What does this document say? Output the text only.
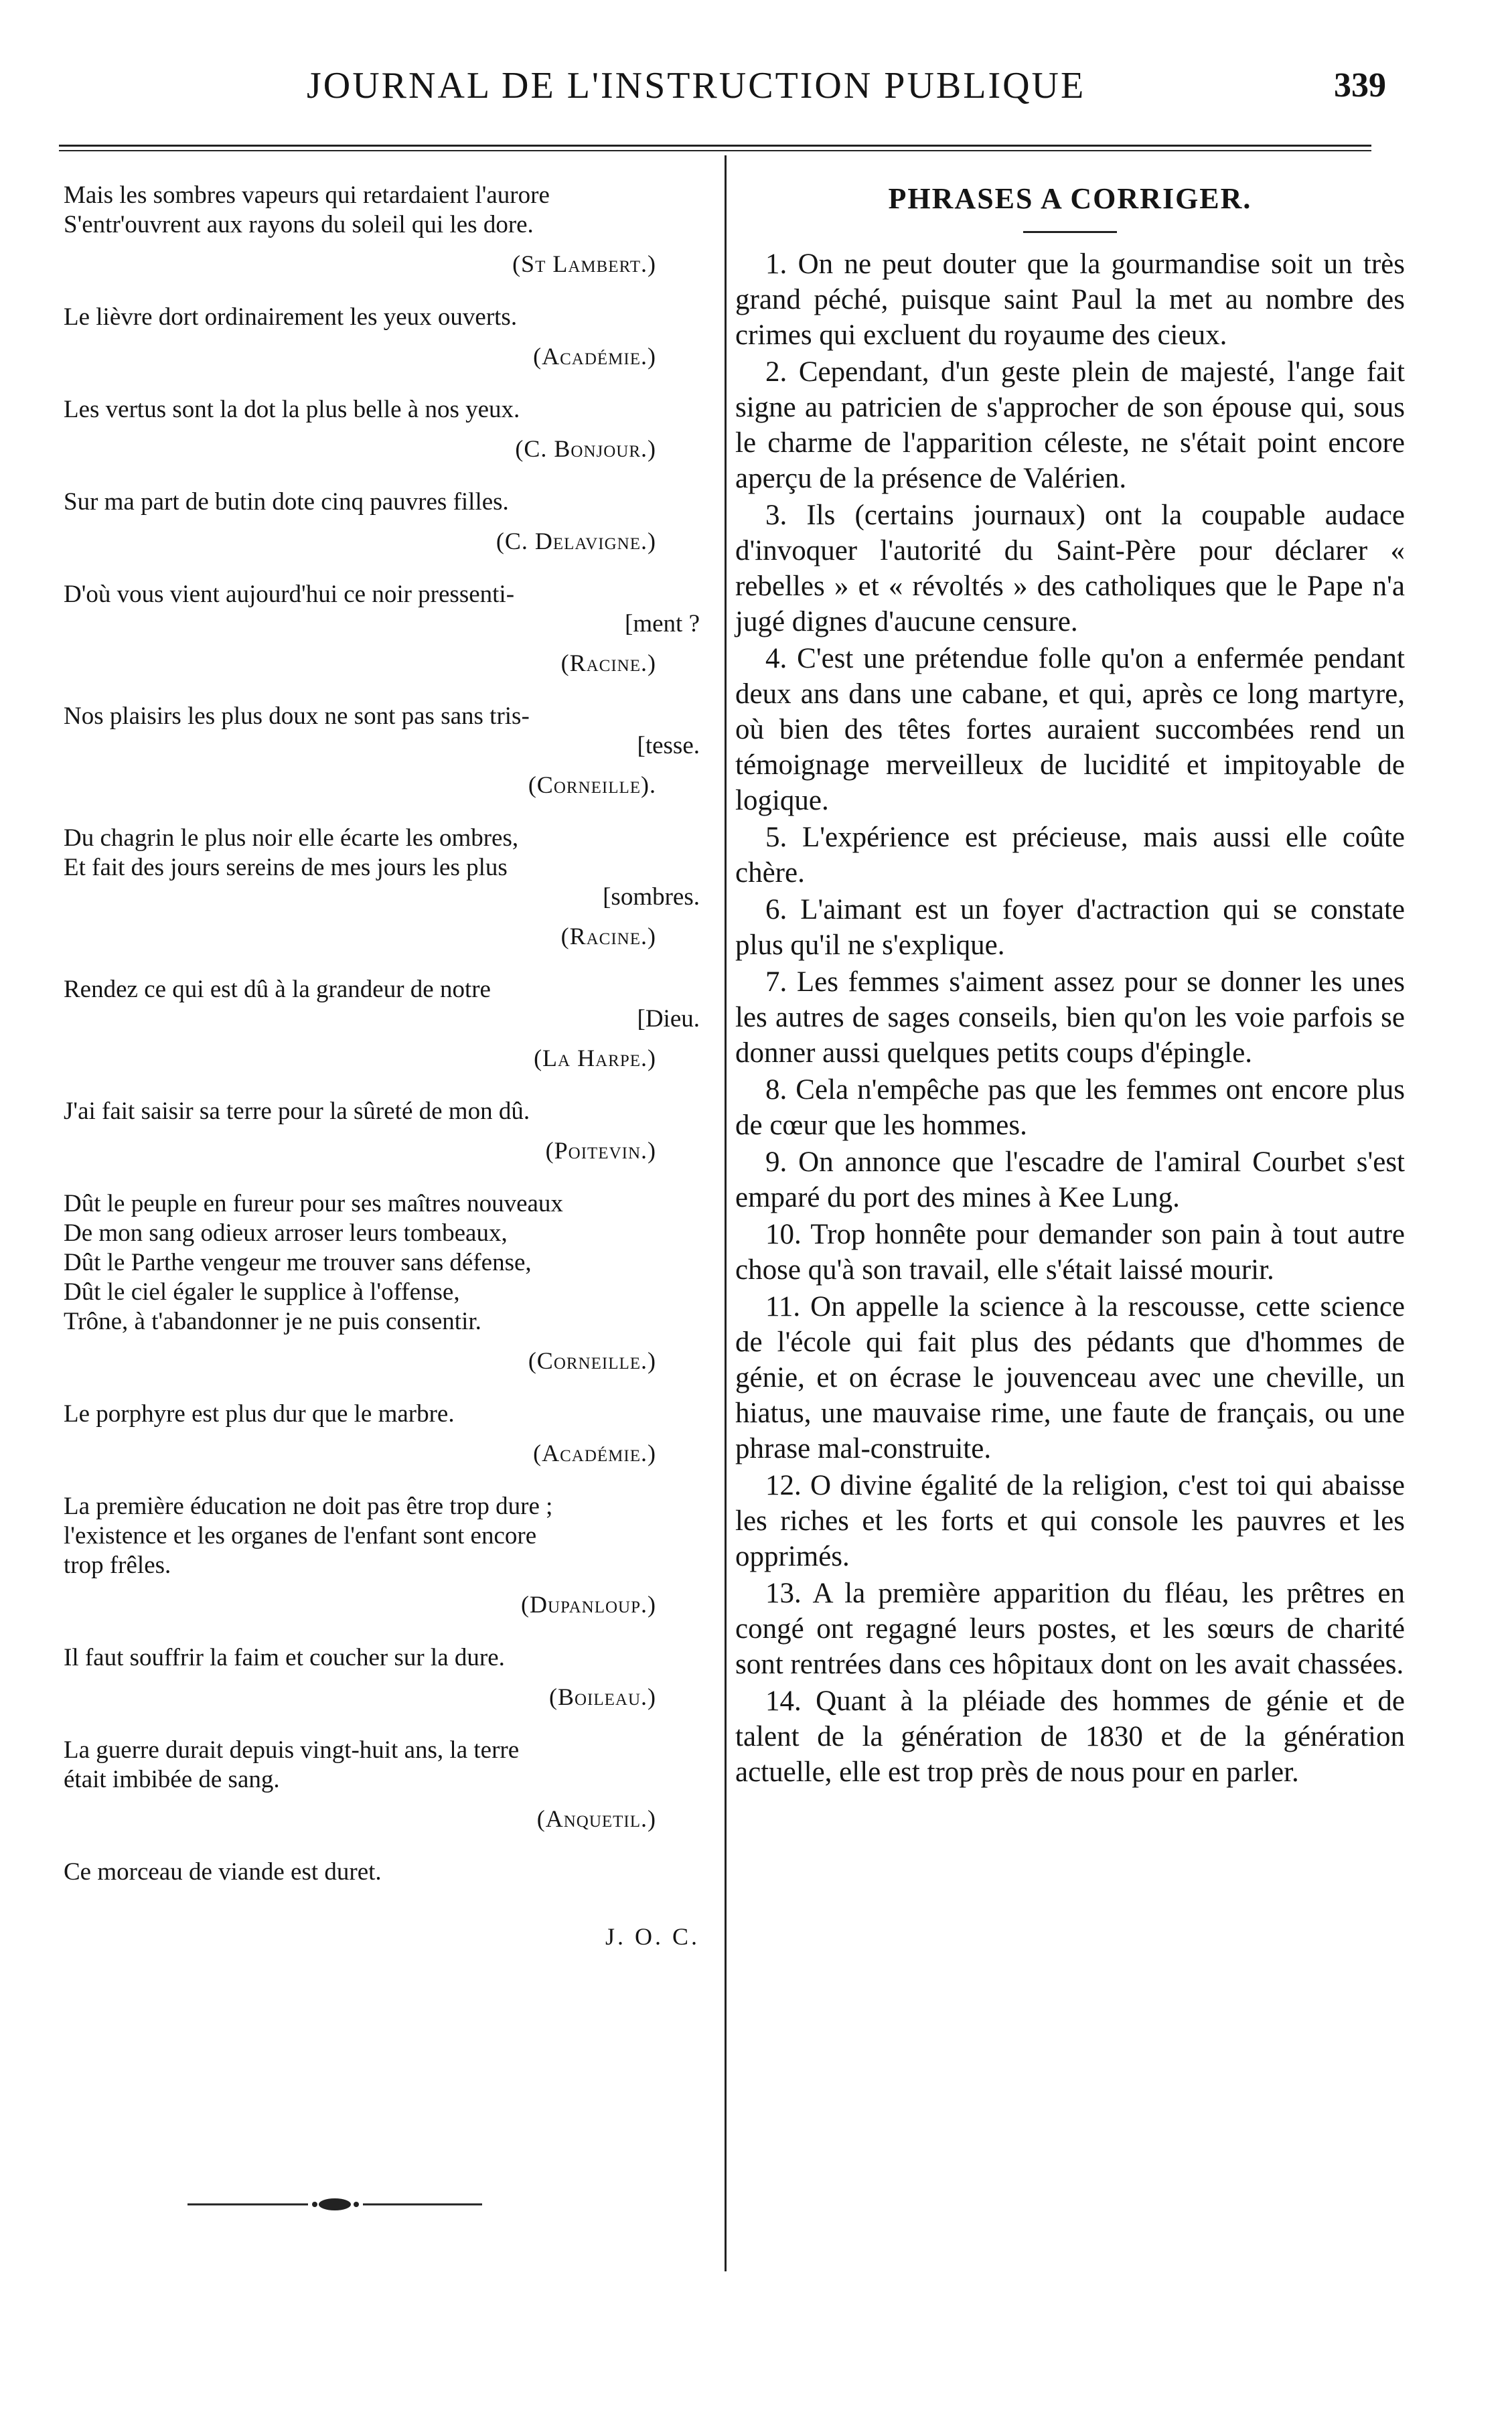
JOURNAL DE L'INSTRUCTION PUBLIQUE	339
Mais les sombres vapeurs qui retardaient l'aurore
S'entr'ouvrent aux rayons du soleil qui les dore.
(St Lambert.)
Le lièvre dort ordinairement les yeux ouverts.
(Académie.)
Les vertus sont la dot la plus belle à nos yeux.
(C. Bonjour.)
Sur ma part de butin dote cinq pauvres filles.
(C. Delavigne.)
D'où vous vient aujourd'hui ce noir pressenti-
[ment ?
(Racine.)
Nos plaisirs les plus doux ne sont pas sans tris-
[tesse.
(Corneille).
Du chagrin le plus noir elle écarte les ombres,
Et fait des jours sereins de mes jours les plus
[sombres.
(Racine.)
Rendez ce qui est dû à la grandeur de notre
[Dieu.
(La Harpe.)
J'ai fait saisir sa terre pour la sûreté de mon dû.
(Poitevin.)
Dût le peuple en fureur pour ses maîtres nouveaux
De mon sang odieux arroser leurs tombeaux,
Dût le Parthe vengeur me trouver sans défense,
Dût le ciel égaler le supplice à l'offense,
Trône, à t'abandonner je ne puis consentir.
(Corneille.)
Le porphyre est plus dur que le marbre.
(Académie.)
La première éducation ne doit pas être trop dure ;
l'existence et les organes de l'enfant sont encore
trop frêles.
(Dupanloup.)
Il faut souffrir la faim et coucher sur la dure.
(Boileau.)
La guerre durait depuis vingt-huit ans, la terre
était imbibée de sang.
(Anquetil.)
Ce morceau de viande est duret.
J. O. C.
PHRASES A CORRIGER.

1. On ne peut douter que la gourmandise soit un très grand péché, puisque saint Paul la met au nombre des crimes qui excluent du royaume des cieux.

2. Cependant, d'un geste plein de majesté, l'ange fait signe au patricien de s'approcher de son épouse qui, sous le charme de l'apparition céleste, ne s'était point encore aperçu de la présence de Valérien.

3. Ils (certains journaux) ont la coupable audace d'invoquer l'autorité du Saint-Père pour déclarer « rebelles » et « révoltés » des catholiques que le Pape n'a jugé dignes d'aucune censure.

4. C'est une prétendue folle qu'on a enfermée pendant deux ans dans une cabane, et qui, après ce long martyre, où bien des têtes fortes auraient succombées rend un témoignage merveilleux de lucidité et impitoyable de logique.

5. L'expérience est précieuse, mais aussi elle coûte chère.

6. L'aimant est un foyer d'actraction qui se constate plus qu'il ne s'explique.

7. Les femmes s'aiment assez pour se donner les unes les autres de sages conseils, bien qu'on les voie parfois se donner aussi quelques petits coups d'épingle.

8. Cela n'empêche pas que les femmes ont encore plus de cœur que les hommes.

9. On annonce que l'escadre de l'amiral Courbet s'est emparé du port des mines à Kee Lung.

10. Trop honnête pour demander son pain à tout autre chose qu'à son travail, elle s'était laissé mourir.

11. On appelle la science à la rescousse, cette science de l'école qui fait plus des pédants que d'hommes de génie, et on écrase le jouvenceau avec une cheville, un hiatus, une mauvaise rime, une faute de français, ou une phrase mal-construite.

12. O divine égalité de la religion, c'est toi qui abaisse les riches et les forts et qui console les pauvres et les opprimés.

13. A la première apparition du fléau, les prêtres en congé ont regagné leurs postes, et les sœurs de charité sont rentrées dans ces hôpitaux dont on les avait chassées.

14. Quant à la pléiade des hommes de génie et de talent de la génération de 1830 et de la génération actuelle, elle est trop près de nous pour en parler.
